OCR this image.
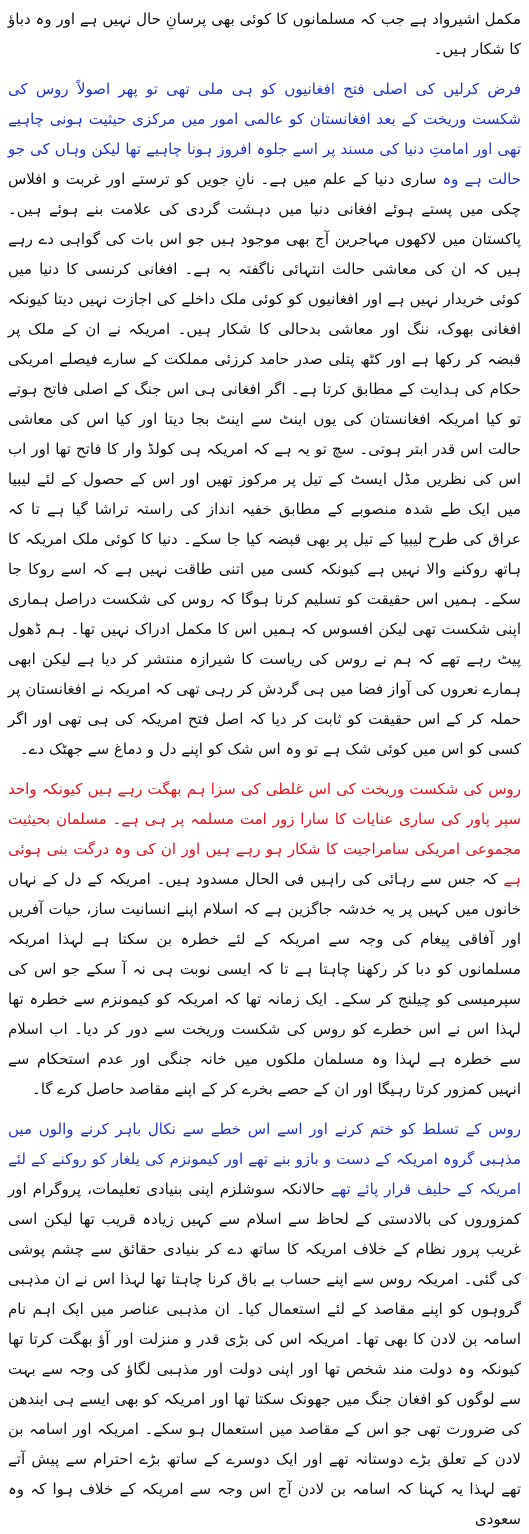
مکمل اشیرواد ہے جب کہ مسلمانوں کا کوئی بھی پرسانِ حال نہیں ہے اور وہ دباؤ کا شکار ہیں۔

فرض کرلیں کی اصلی فتح افغانیوں کو ہی ملی تھی تو پھر اصولاً روس کی شکست وریخت کے بعد افغانستان کو عالمی امور میں مرکزی حیثیت ہونی چاہیے تھی اور امامتِ دنیا کی مسند پر اسے جلوہ افروز ہونا چاہیے تھا لیکن وہاں کی جو حالت ہے وہ ساری دنیا کے علم میں ہے۔ نانِ جویں کو ترستے اور غربت و افلاس چکی میں پستے ہوئے افغانی دنیا میں دہشت گردی کی علامت بنے ہوئے ہیں۔ پاکستان میں لاکھوں مہاجرین آج بھی موجود ہیں جو اس بات کی گواہی دے رہے ہیں کہ ان کی معاشی حالت انتہائی ناگفتہ بہ ہے۔ افغانی کرنسی کا دنیا میں کوئی خریدار نہیں ہے اور افغانیوں کو کوئی ملک داخلے کی اجازت نہیں دیتا کیونکہ افغانی بھوک، ننگ اور معاشی بدحالی کا شکار ہیں۔ امریکہ نے ان کے ملک پر قبضہ کر رکھا ہے اور کٹھ پتلی صدر حامد کرزئی مملکت کے سارے فیصلے امریکی حکام کی ہدایت کے مطابق کرتا ہے۔ اگر افغانی ہی اس جنگ کے اصلی فاتح ہوتے تو کیا امریکہ افغانستان کی یوں اینٹ سے اینٹ بجا دیتا اور کیا اس کی معاشی حالت اس قدر ابتر ہوتی۔ سچ تو یہ ہے کہ امریکہ ہی کولڈ وار کا فاتح تھا اور اب اس کی نظریں مڈل ایسٹ کے تیل پر مرکوز تھیں اور اس کے حصول کے لئے لیبیا میں ایک طے شدہ منصوبے کے مطابق خفیہ انداز کی راستہ تراشا گیا ہے تا کہ عراق کی طرح لیبیا کے تیل پر بھی قبضہ کیا جا سکے۔ دنیا کا کوئی ملک امریکہ کا ہاتھ روکنے والا نہیں ہے کیونکہ کسی میں اتنی طاقت نہیں ہے کہ اسے روکا جا سکے۔ ہمیں اس حقیقت کو تسلیم کرنا ہوگا کہ روس کی شکست دراصل ہماری اپنی شکست تھی لیکن افسوس کہ ہمیں اس کا مکمل ادراک نہیں تھا۔ ہم ڈھول پیٹ رہے تھے کہ ہم نے روس کی ریاست کا شیرازہ منتشر کر دیا ہے لیکن ابھی ہمارے نعروں کی آواز فضا میں ہی گردش کر رہی تھی کہ امریکہ نے افغانستان پر حملہ کر کے اس حقیقت کو ثابت کر دیا کہ اصل فتح امریکہ کی ہی تھی اور اگر کسی کو اس میں کوئی شک ہے تو وہ اس شک کو اپنے دل و دماغ سے جھٹک دے۔

روس کی شکست وریخت کی اس غلطی کی سزا ہم بھگت رہے ہیں کیونکہ واحد سپر پاور کی ساری عنایات کا سارا زور امت مسلمہ پر ہی ہے۔ مسلمان بحیثیت مجموعی امریکی سامراجیت کا شکار ہو رہے ہیں اور ان کی وہ درگت بنی ہوئی ہے کہ جس سے رہائی کی راہیں فی الحال مسدود ہیں۔ امریکہ کے دل کے نہاں خانوں میں کہیں پر یہ خدشہ جاگزین ہے کہ اسلام اپنے انسانیت ساز، حیات آفریں اور آفاقی پیغام کی وجہ سے امریکہ کے لئے خطرہ بن سکتا ہے لہذا امریکہ مسلمانوں کو دبا کر رکھنا چاہتا ہے تا کہ ایسی نوبت ہی نہ آ سکے جو اس کی سپرمیسی کو چیلنج کر سکے۔ ایک زمانہ تھا کہ امریکہ کو کیمونزم سے خطرہ تھا لہذا اس نے اس خطرے کو روس کی شکست وریخت سے دور کر دیا۔ اب اسلام سے خطرہ ہے لہذا وہ مسلمان ملکوں میں خانہ جنگی اور عدم استحکام سے انہیں کمزور کرتا رہیگا اور ان کے حصے بخرے کر کے اپنے مقاصد حاصل کرے گا۔

روس کے تسلط کو ختم کرنے اور اسے اس خطے سے نکال باہر کرنے والوں میں مذہبی گروہ امریکہ کے دست و بازو بنے تھے اور کیمونزم کی یلغار کو روکنے کے لئے امریکہ کے حلیف قرار پائے تھے حالانکہ سوشلزم اپنی بنیادی تعلیمات، پروگرام اور کمزوروں کی بالادستی کے لحاظ سے اسلام سے کہیں زیادہ قریب تھا لیکن اسی غریب پرور نظام کے خلاف امریکہ کا ساتھ دے کر بنیادی حقائق سے چشم پوشی کی گئی۔ امریکہ روس سے اپنے حساب بے باق کرنا چاہتا تھا لہذا اس نے ان مذہبی گروہوں کو اپنے مقاصد کے لئے استعمال کیا۔ ان مذہبی عناصر میں ایک اہم نام اسامہ بن لادن کا بھی تھا۔ امریکہ اس کی بڑی قدر و منزلت اور آؤ بھگت کرتا تھا کیونکہ وہ دولت مند شخص تھا اور اپنی دولت اور مذہبی لگاؤ کی وجہ سے بہت سے لوگوں کو افغان جنگ میں جھونک سکتا تھا اور امریکہ کو بھی ایسے ہی ایندھن کی ضرورت تھی جو اس کے مقاصد میں استعمال ہو سکے۔ امریکہ اور اسامہ بن لادن کے تعلق بڑے دوستانہ تھے اور ایک دوسرے کے ساتھ بڑے احترام سے پیش آتے تھے لہذا یہ کہنا کہ اسامہ بن لادن آج اس وجہ سے امریکہ کے خلاف ہوا کہ وہ سعودی
